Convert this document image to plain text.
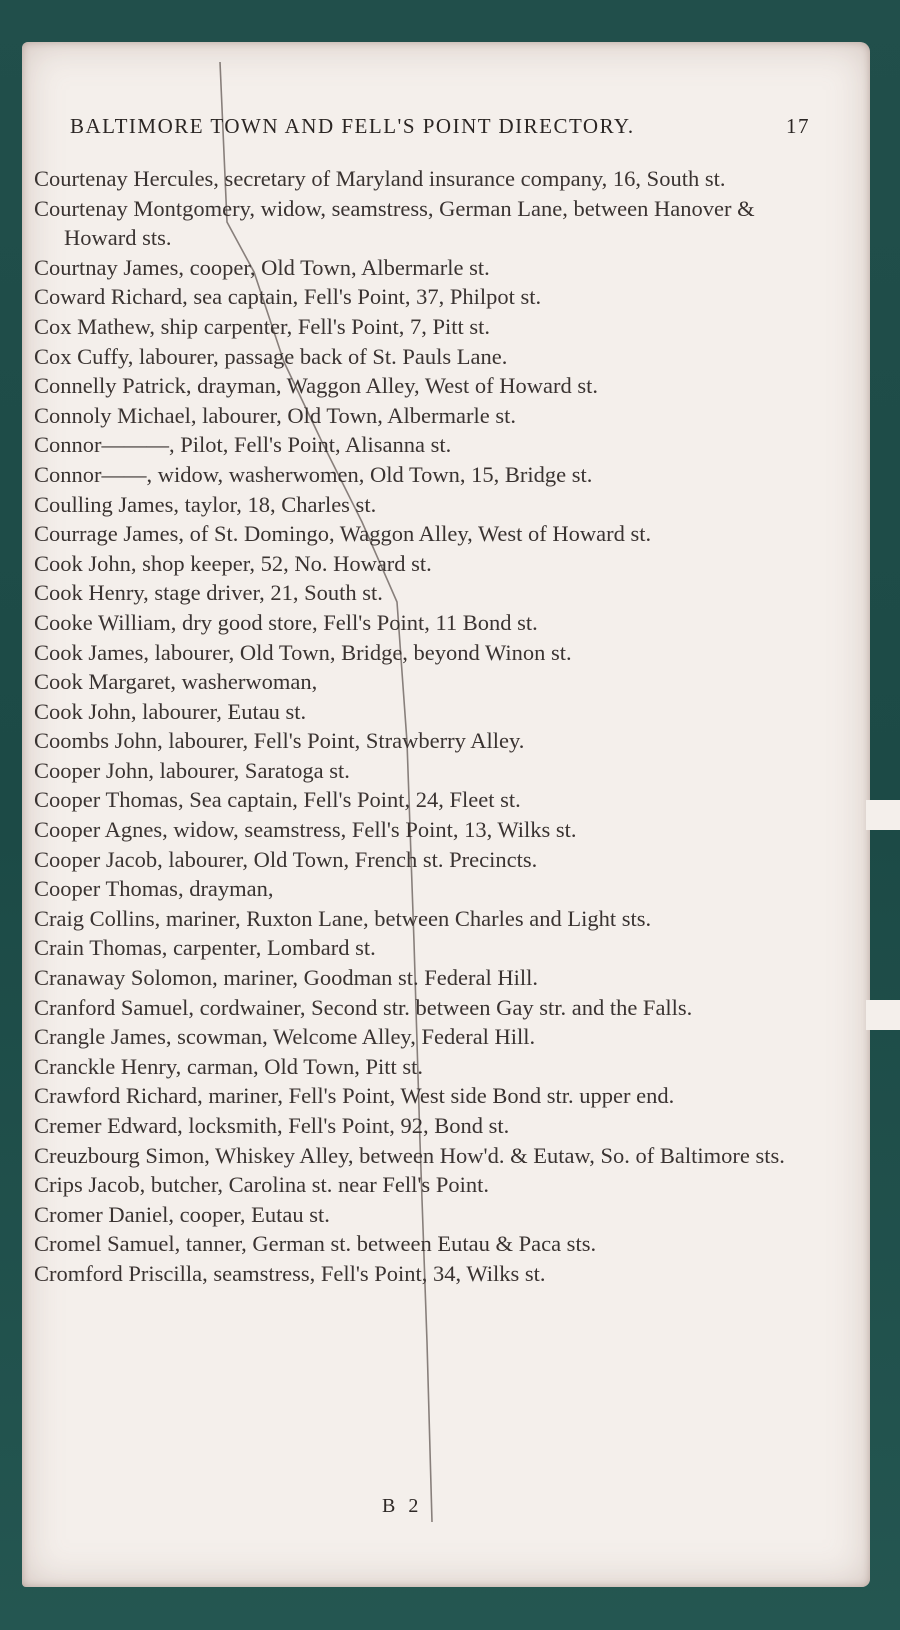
BALTIMORE TOWN AND FELL'S POINT DIRECTORY.	17

Courtenay Hercules, secretary of Maryland insurance company, 16, South st.

Courtenay Montgomery, widow, seamstress, German Lane, between Hanover & Howard sts.

Courtnay James, cooper, Old Town, Albermarle st.

Coward Richard, sea captain, Fell's Point, 37, Philpot st.

Cox Mathew, ship carpenter, Fell's Point, 7, Pitt st.

Cox Cuffy, labourer, passage back of St. Pauls Lane.

Connelly Patrick, drayman, Waggon Alley, West of Howard st.

Connoly Michael, labourer, Old Town, Albermarle st.

Connor———, Pilot, Fell's Point, Alisanna st.

Connor——, widow, washerwomen, Old Town, 15, Bridge st.

Coulling James, taylor, 18, Charles st.

Courrage James, of St. Domingo, Waggon Alley, West of Howard st.

Cook John, shop keeper, 52, No. Howard st.

Cook Henry, stage driver, 21, South st.

Cooke William, dry good store, Fell's Point, 11 Bond st.

Cook James, labourer, Old Town, Bridge, beyond Winon st.

Cook Margaret, washerwoman,

Cook John, labourer, Eutau st.

Coombs John, labourer, Fell's Point, Strawberry Alley.

Cooper John, labourer, Saratoga st.

Cooper Thomas, Sea captain, Fell's Point, 24, Fleet st.

Cooper Agnes, widow, seamstress, Fell's Point, 13, Wilks st.

Cooper Jacob, labourer, Old Town, French st. Precincts.

Cooper Thomas, drayman,

Craig Collins, mariner, Ruxton Lane, between Charles and Light sts.

Crain Thomas, carpenter, Lombard st.

Cranaway Solomon, mariner, Goodman st. Federal Hill.

Cranford Samuel, cordwainer, Second str. between Gay str. and the Falls.

Crangle James, scowman, Welcome Alley, Federal Hill.

Cranckle Henry, carman, Old Town, Pitt st.

Crawford Richard, mariner, Fell's Point, West side Bond str. upper end.

Cremer Edward, locksmith, Fell's Point, 92, Bond st.

Creuzbourg Simon, Whiskey Alley, between How'd. & Eutaw, So. of Baltimore sts.

Crips Jacob, butcher, Carolina st. near Fell's Point.

Cromer Daniel, cooper, Eutau st.

Cromel Samuel, tanner, German st. between Eutau & Paca sts.

Cromford Priscilla, seamstress, Fell's Point, 34, Wilks st.

B 2
